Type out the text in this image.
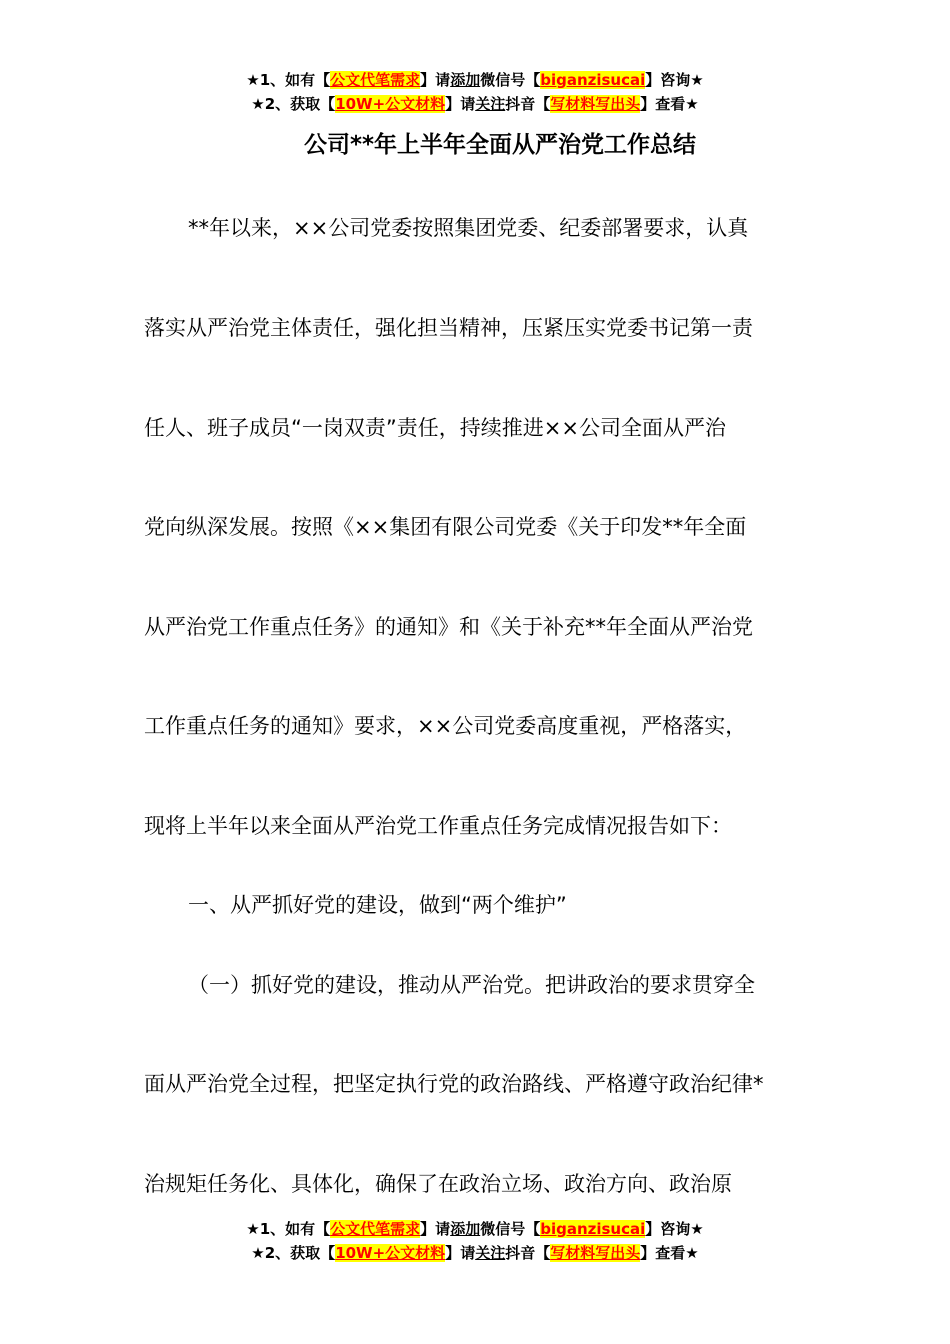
★1、如有【公文代笔需求】请添加微信号【biganzisucai】咨询★
★2、获取【10W+公文材料】请关注抖音【写材料写出头】查看★
公司**年上半年全面从严治党工作总结
**年以来，××公司党委按照集团党委、纪委部署要求，认真
落实从严治党主体责任，强化担当精神，压紧压实党委书记第一责
任人、班子成员“一岗双责”责任，持续推进××公司全面从严治
党向纵深发展。按照《××集团有限公司党委《关于印发**年全面
从严治党工作重点任务》的通知》和《关于补充**年全面从严治党
工作重点任务的通知》要求，××公司党委高度重视，严格落实，
现将上半年以来全面从严治党工作重点任务完成情况报告如下：
一、从严抓好党的建设，做到“两个维护”
（一）抓好党的建设，推动从严治党。把讲政治的要求贯穿全
面从严治党全过程，把坚定执行党的政治路线、严格遵守政治纪律*
治规矩任务化、具体化，确保了在政治立场、政治方向、政治原
★1、如有【公文代笔需求】请添加微信号【biganzisucai】咨询★
★2、获取【10W+公文材料】请关注抖音【写材料写出头】查看★
